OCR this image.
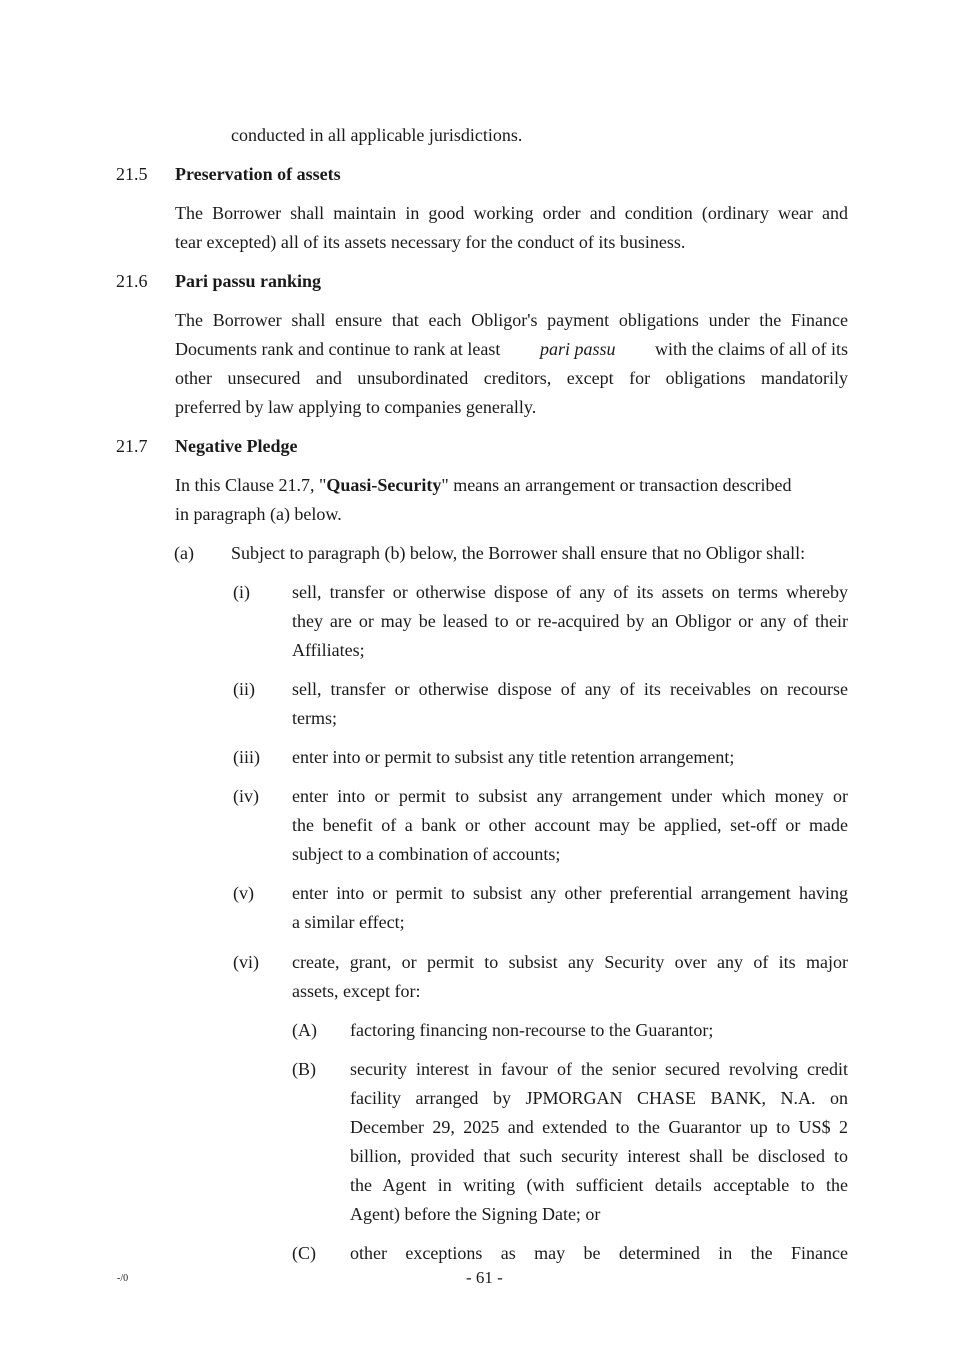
conducted in all applicable jurisdictions.
21.5 Preservation of assets
The Borrower shall maintain in good working order and condition (ordinary wear and
tear excepted) all of its assets necessary for the conduct of its business.
21.6 Pari passu ranking
The Borrower shall ensure that each Obligor's payment obligations under the Finance
Documents rank and continue to rank at least pari passu with the claims of all of its
other unsecured and unsubordinated creditors, except for obligations mandatorily
preferred by law applying to companies generally.
21.7 Negative Pledge
In this Clause 21.7, "Quasi-Security" means an arrangement or transaction described
in paragraph (a) below.
(a) Subject to paragraph (b) below, the Borrower shall ensure that no Obligor shall:
(i) sell, transfer or otherwise dispose of any of its assets on terms whereby
they are or may be leased to or re-acquired by an Obligor or any of their
Affiliates;
(ii) sell, transfer or otherwise dispose of any of its receivables on recourse
terms;
(iii) enter into or permit to subsist any title retention arrangement;
(iv) enter into or permit to subsist any arrangement under which money or
the benefit of a bank or other account may be applied, set-off or made
subject to a combination of accounts;
(v) enter into or permit to subsist any other preferential arrangement having
a similar effect;
(vi) create, grant, or permit to subsist any Security over any of its major
assets, except for:
(A) factoring financing non-recourse to the Guarantor;
(B) security interest in favour of the senior secured revolving credit
facility arranged by JPMORGAN CHASE BANK, N.A. on
December 29, 2025 and extended to the Guarantor up to US$ 2
billion, provided that such security interest shall be disclosed to
the Agent in writing (with sufficient details acceptable to the
Agent) before the Signing Date; or
(C) other exceptions as may be determined in the Finance
-/0	- 61 -
